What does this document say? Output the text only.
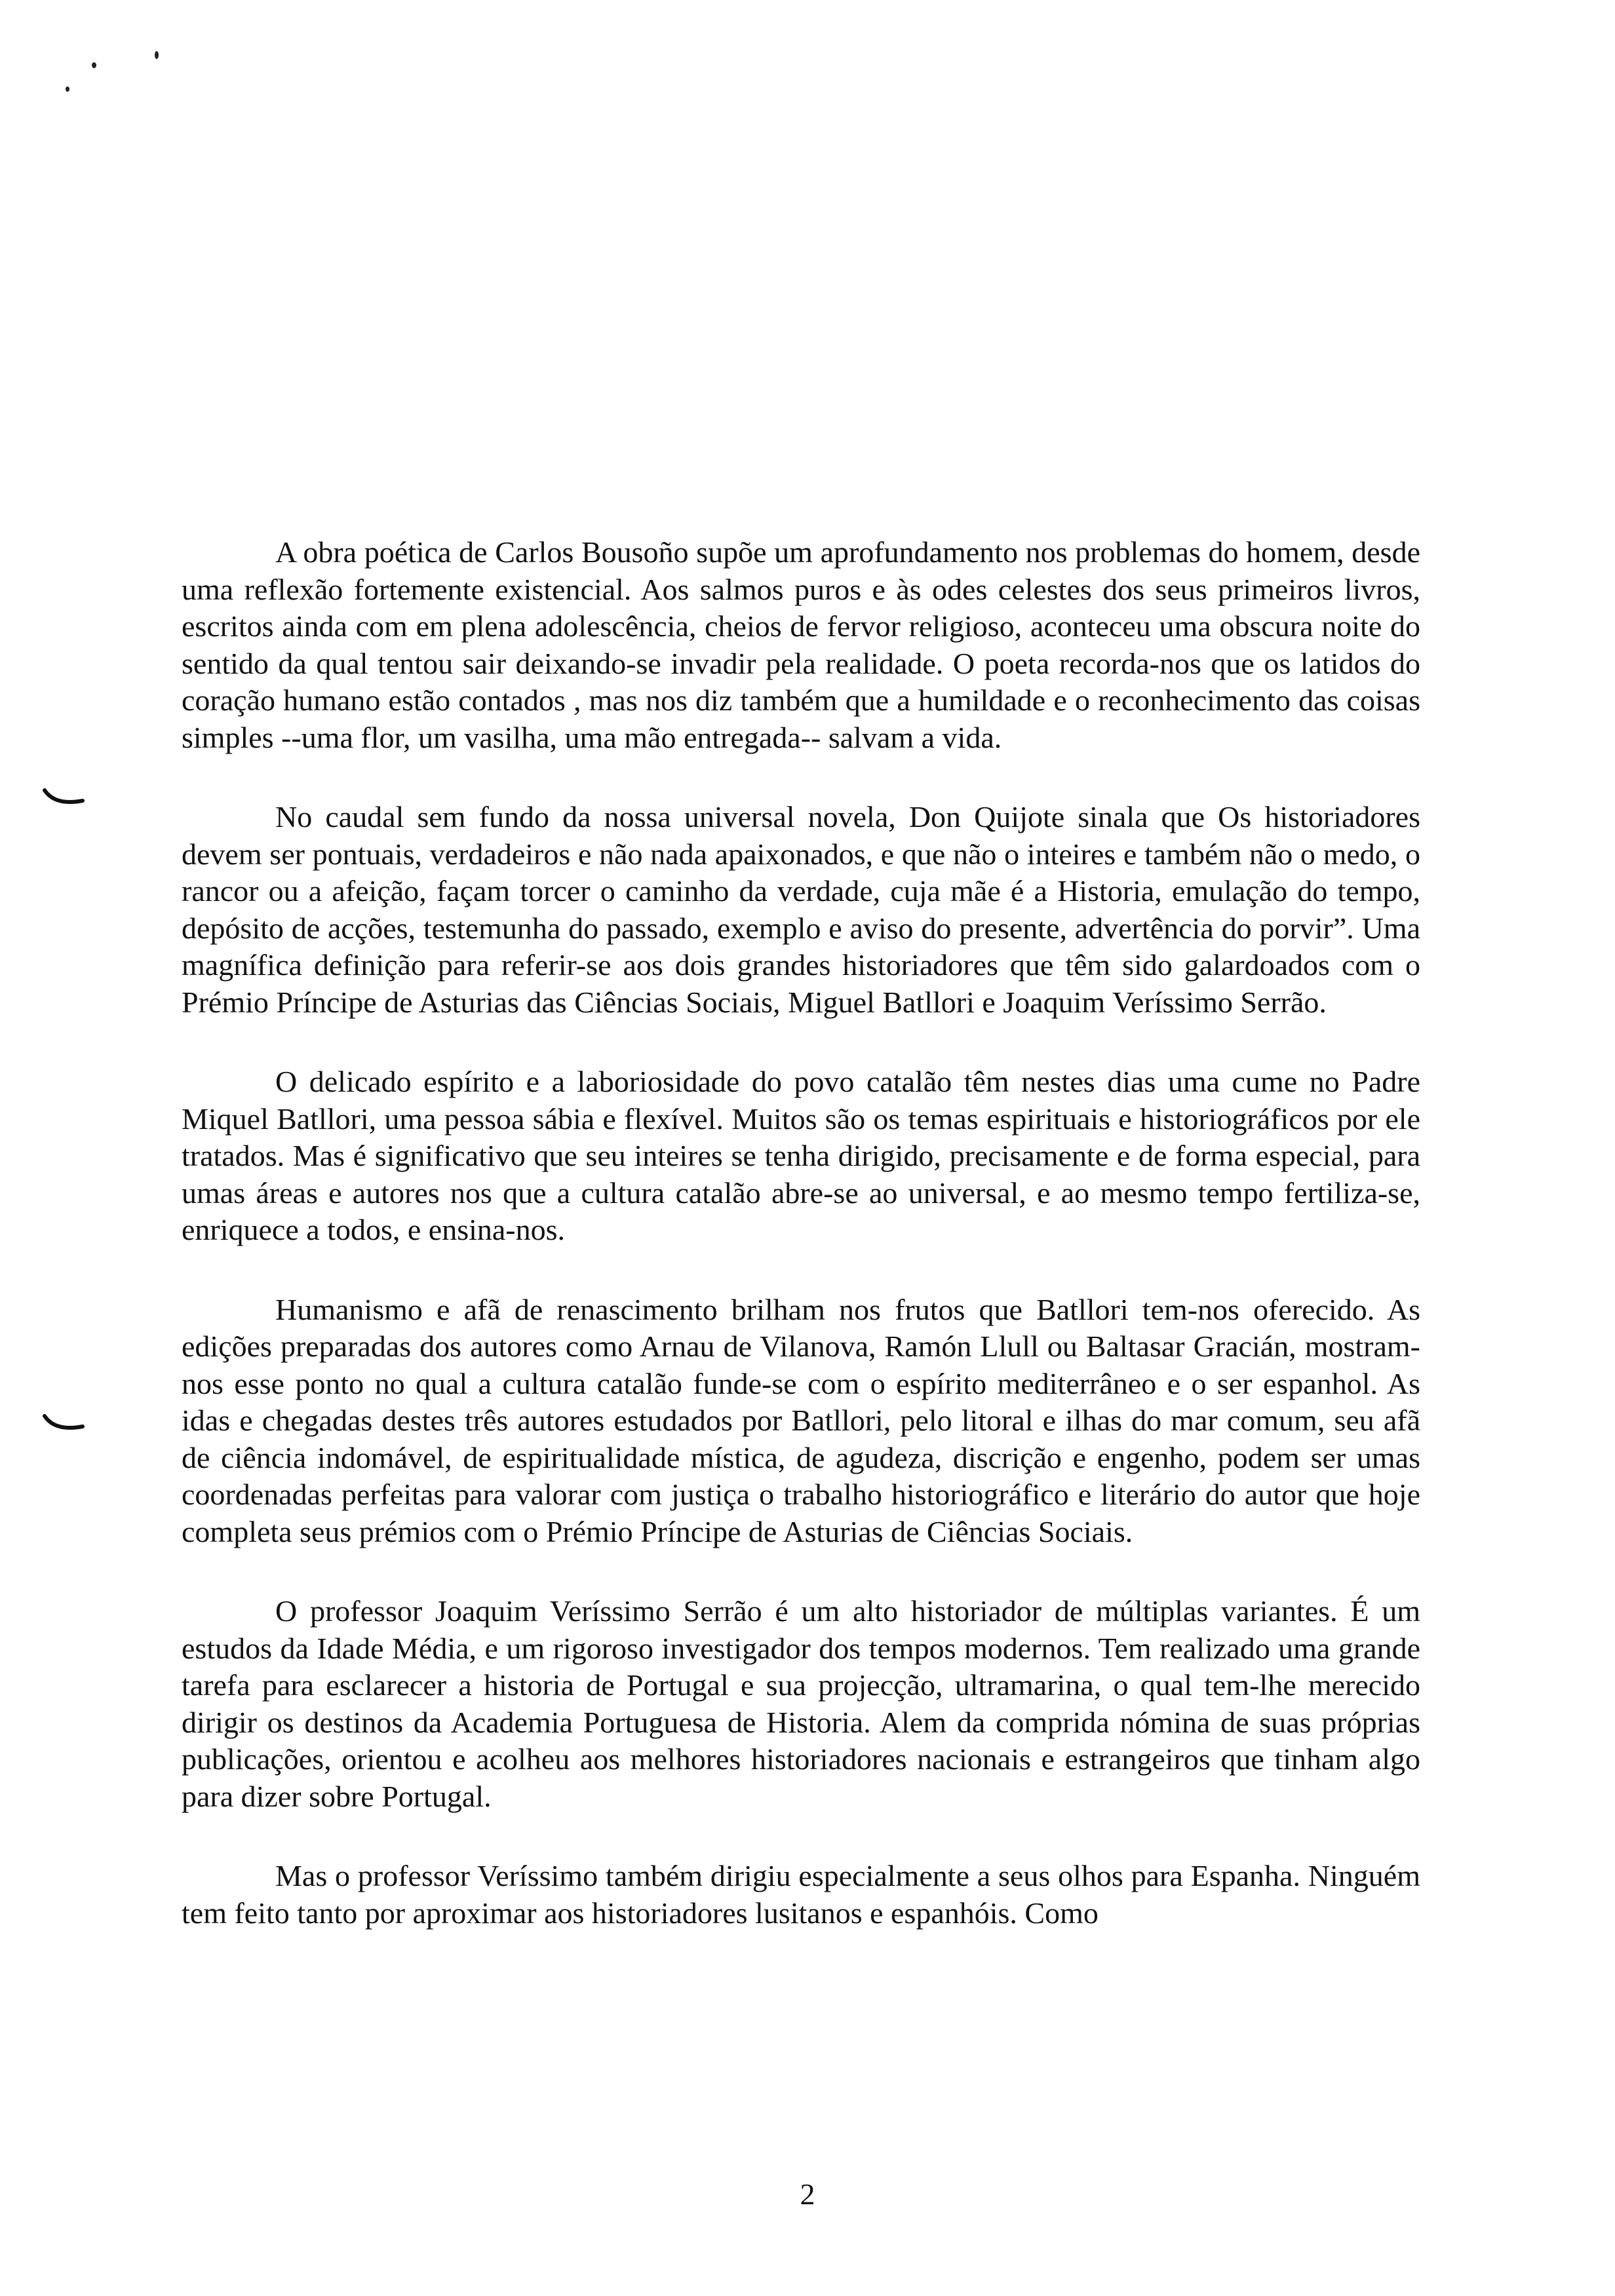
A obra poética de Carlos Bousoño supõe um aprofundamento nos problemas do homem, desde uma reflexão fortemente existencial. Aos salmos puros e às odes celestes dos seus primeiros livros, escritos ainda com em plena adolescência, cheios de fervor religioso, aconteceu uma obscura noite do sentido da qual tentou sair deixando-se invadir pela realidade. O poeta recorda-nos que os latidos do coração humano estão contados , mas nos diz também que a humildade e o reconhecimento das coisas simples --uma flor, um vasilha, uma mão entregada-- salvam a vida.

No caudal sem fundo da nossa universal novela, Don Quijote sinala que Os historiadores devem ser pontuais, verdadeiros e não nada apaixonados, e que não o inteires e também não o medo, o rancor ou a afeição, façam torcer o caminho da verdade, cuja mãe é a Historia, emulação do tempo, depósito de acções, testemunha do passado, exemplo e aviso do presente, advertência do porvir”. Uma magnífica definição para referir-se aos dois grandes historiadores que têm sido galardoados com o Prémio Príncipe de Asturias das Ciências Sociais, Miguel Batllori e Joaquim Veríssimo Serrão.

O delicado espírito e a laboriosidade do povo catalão têm nestes dias uma cume no Padre Miquel Batllori, uma pessoa sábia e flexível. Muitos são os temas espirituais e historiográficos por ele tratados. Mas é significativo que seu inteires se tenha dirigido, precisamente e de forma especial, para umas áreas e autores nos que a cultura catalão abre-se ao universal, e ao mesmo tempo fertiliza-se, enriquece a todos, e ensina-nos.

Humanismo e afã de renascimento brilham nos frutos que Batllori tem-nos oferecido. As edições preparadas dos autores como Arnau de Vilanova, Ramón Llull ou Baltasar Gracián, mostram-nos esse ponto no qual a cultura catalão funde-se com o espírito mediterrâneo e o ser espanhol. As idas e chegadas destes três autores estudados por Batllori, pelo litoral e ilhas do mar comum, seu afã de ciência indomável, de espiritualidade mística, de agudeza, discrição e engenho, podem ser umas coordenadas perfeitas para valorar com justiça o trabalho historiográfico e literário do autor que hoje completa seus prémios com o Prémio Príncipe de Asturias de Ciências Sociais.

O professor Joaquim Veríssimo Serrão é um alto historiador de múltiplas variantes. É um estudos da Idade Média, e um rigoroso investigador dos tempos modernos. Tem realizado uma grande tarefa para esclarecer a historia de Portugal e sua projecção, ultramarina, o qual tem-lhe merecido dirigir os destinos da Academia Portuguesa de Historia. Alem da comprida nómina de suas próprias publicações, orientou e acolheu aos melhores historiadores nacionais e estrangeiros que tinham algo para dizer sobre Portugal.

Mas o professor Veríssimo também dirigiu especialmente a seus olhos para Espanha. Ninguém tem feito tanto por aproximar aos historiadores lusitanos e espanhóis. Como

2
